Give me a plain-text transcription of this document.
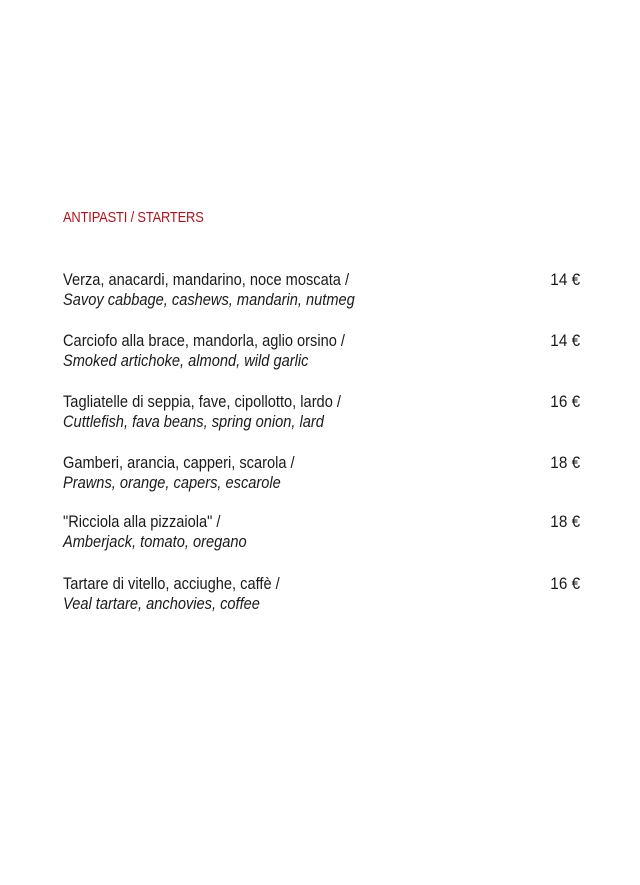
ANTIPASTI / STARTERS
Verza, anacardi, mandarino, noce moscata /
Savoy cabbage, cashews, mandarin, nutmeg
14 €
Carciofo alla brace, mandorla, aglio orsino /
Smoked artichoke, almond, wild garlic
14 €
Tagliatelle di seppia, fave, cipollotto, lardo /
Cuttlefish, fava beans, spring onion, lard
16 €
Gamberi, arancia, capperi, scarola /
Prawns, orange, capers, escarole
18 €
"Ricciola alla pizzaiola" /
Amberjack, tomato, oregano
18 €
Tartare di vitello, acciughe, caffè /
Veal tartare, anchovies, coffee
16 €
